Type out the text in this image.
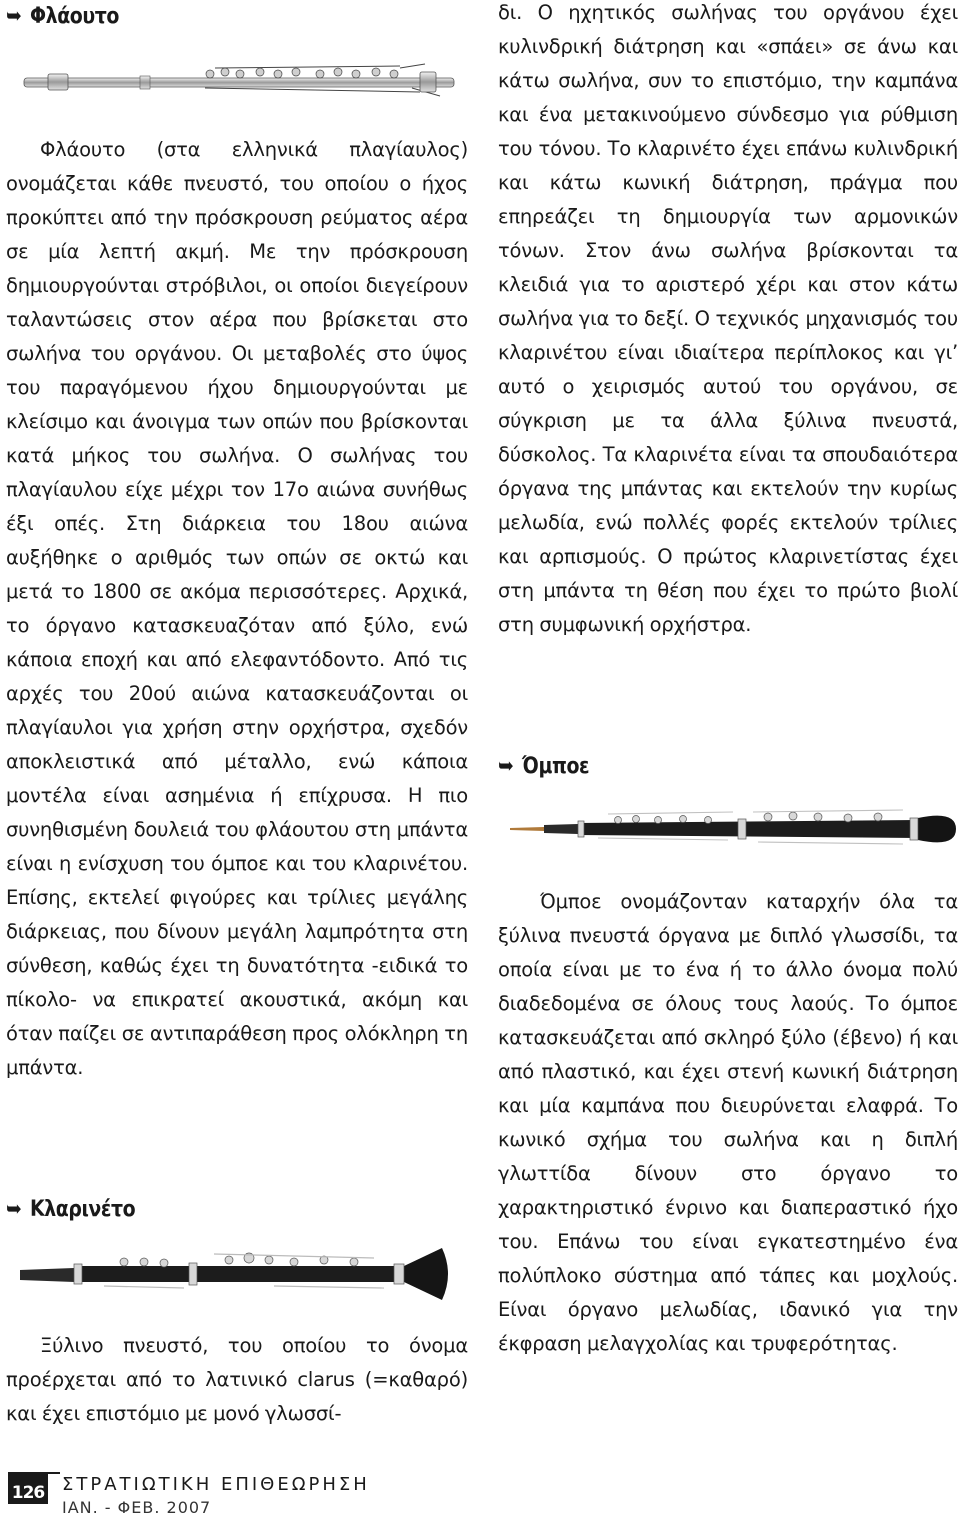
➥ Φλάουτο

Φλάουτο (στα ελληνικά πλαγίαυλος) ονομάζεται κάθε πνευστό, του οποίου ο ήχος προκύπτει από την πρόσκρουση ρεύματος αέρα σε μία λεπτή ακμή. Με την πρόσκρουση δημιουργούνται στρόβιλοι, οι οποίοι διεγείρουν ταλαντώσεις στον αέρα που βρίσκεται στο σωλήνα του οργάνου. Οι μεταβολές στο ύψος του παραγόμενου ήχου δημιουργούνται με κλείσιμο και άνοιγμα των οπών που βρίσκονται κατά μήκος του σωλήνα. Ο σωλήνας του πλαγίαυλου είχε μέχρι τον 17ο αιώνα συνήθως έξι οπές. Στη διάρκεια του 18ου αιώνα αυξήθηκε ο αριθμός των οπών σε οκτώ και μετά το 1800 σε ακόμα περισσότερες. Αρχικά, το όργανο κατασκευαζόταν από ξύλο, ενώ κάποια εποχή και από ελεφαντόδοντο. Από τις αρχές του 20ού αιώνα κατασκευάζονται οι πλαγίαυλοι για χρήση στην ορχήστρα, σχεδόν αποκλειστικά από μέταλλο, ενώ κάποια μοντέλα είναι ασημένια ή επίχρυσα. Η πιο συνηθισμένη δουλειά του φλάουτου στη μπάντα είναι η ενίσχυση του όμποε και του κλαρινέτου. Επίσης, εκτελεί φιγούρες και τρίλιες μεγάλης διάρκειας, που δίνουν μεγάλη λαμπρότητα στη σύνθεση, καθώς έχει τη δυνατότητα -ειδικά το πίκολο- να επικρατεί ακουστικά, ακόμη και όταν παίζει σε αντιπαράθεση προς ολόκληρη τη μπάντα.

➥ Κλαρινέτο

Ξύλινο πνευστό, του οποίου το όνομα προέρχεται από το λατινικό clarus (=καθαρό) και έχει επιστόμιο με μονό γλωσσί-

δι. Ο ηχητικός σωλήνας του οργάνου έχει κυλινδρική διάτρηση και «σπάει» σε άνω και κάτω σωλήνα, συν το επιστόμιο, την καμπάνα και ένα μετακινούμενο σύνδεσμο για ρύθμιση του τόνου. Το κλαρινέτο έχει επάνω κυλινδρική και κάτω κωνική διάτρηση, πράγμα που επηρεάζει τη δημιουργία των αρμονικών τόνων. Στον άνω σωλήνα βρίσκονται τα κλειδιά για το αριστερό χέρι και στον κάτω σωλήνα για το δεξί. Ο τεχνικός μηχανισμός του κλαρινέτου είναι ιδιαίτερα περίπλοκος και γι’ αυτό ο χειρισμός αυτού του οργάνου, σε σύγκριση με τα άλλα ξύλινα πνευστά, δύσκολος. Τα κλαρινέτα είναι τα σπουδαιότερα όργανα της μπάντας και εκτελούν την κυρίως μελωδία, ενώ πολλές φορές εκτελούν τρίλιες και αρπισμούς. Ο πρώτος κλαρινετίστας έχει στη μπάντα τη θέση που έχει το πρώτο βιολί στη συμφωνική ορχήστρα.

➥ Όμποε

Όμποε ονομάζονταν καταρχήν όλα τα ξύλινα πνευστά όργανα με διπλό γλωσσίδι, τα οποία είναι με το ένα ή το άλλο όνομα πολύ διαδεδομένα σε όλους τους λαούς. Το όμποε κατασκευάζεται από σκληρό ξύλο (έβενο) ή και από πλαστικό, και έχει στενή κωνική διάτρηση και μία καμπάνα που διευρύνεται ελαφρά. Το κωνικό σχήμα του σωλήνα και η διπλή γλωττίδα δίνουν στο όργανο το χαρακτηριστικό ένρινο και διαπεραστικό ήχο του. Επάνω του είναι εγκατεστημένο ένα πολύπλοκο σύστημα από τάπες και μοχλούς. Είναι όργανο μελωδίας, ιδανικό για την έκφραση μελαγχολίας και τρυφερότητας.

126 ΣΤΡΑΤΙΩΤΙΚΗ ΕΠΙΘΕΩΡΗΣΗ
ΙΑΝ. - ΦΕΒ. 2007
